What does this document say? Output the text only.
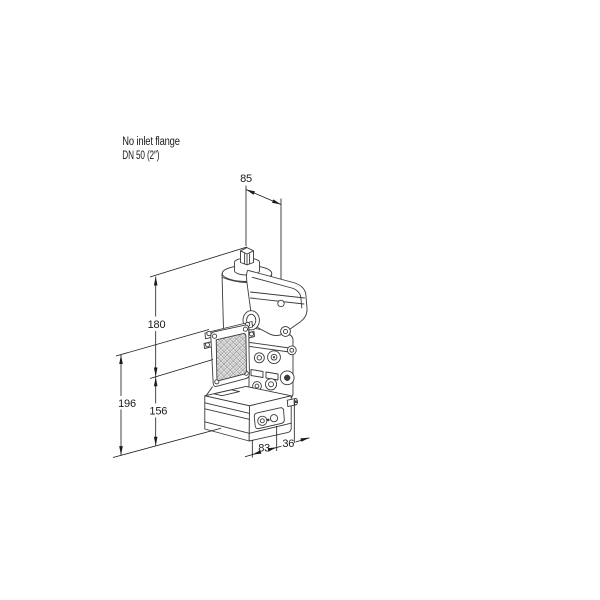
85
180
156
196
83 36
No inlet flange
DN 50 (2″)
